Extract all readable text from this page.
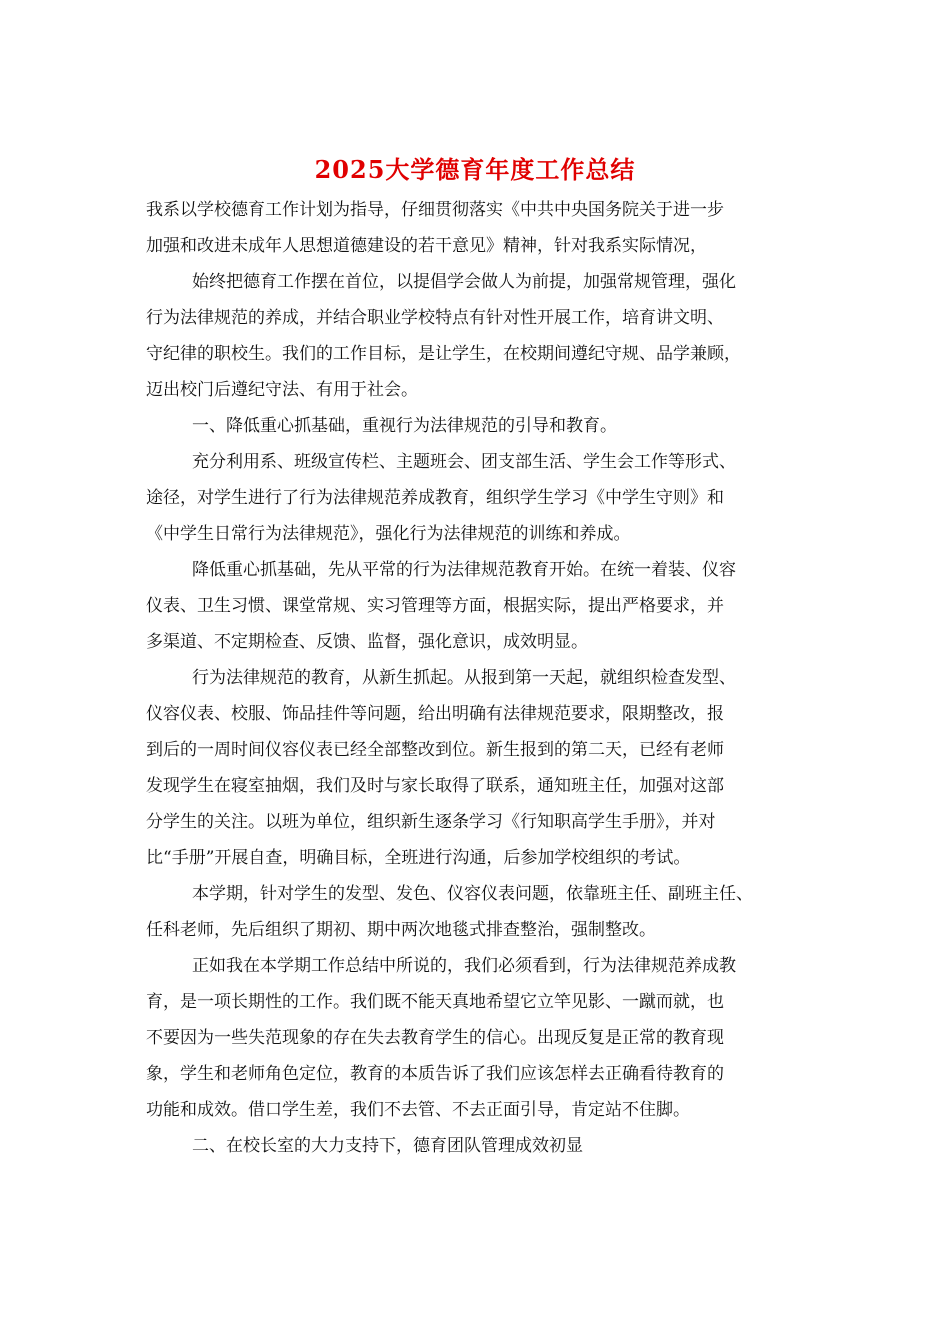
2025大学德育年度工作总结
我系以学校德育工作计划为指导，仔细贯彻落实《中共中央国务院关于进一步
加强和改进未成年人思想道德建设的若干意见》精神，针对我系实际情况，
始终把德育工作摆在首位，以提倡学会做人为前提，加强常规管理，强化
行为法律规范的养成，并结合职业学校特点有针对性开展工作，培育讲文明、
守纪律的职校生。我们的工作目标，是让学生，在校期间遵纪守规、品学兼顾，
迈出校门后遵纪守法、有用于社会。
一、降低重心抓基础，重视行为法律规范的引导和教育。
充分利用系、班级宣传栏、主题班会、团支部生活、学生会工作等形式、
途径，对学生进行了行为法律规范养成教育，组织学生学习《中学生守则》和
《中学生日常行为法律规范》，强化行为法律规范的训练和养成。
降低重心抓基础，先从平常的行为法律规范教育开始。在统一着装、仪容
仪表、卫生习惯、课堂常规、实习管理等方面，根据实际，提出严格要求，并
多渠道、不定期检查、反馈、监督，强化意识，成效明显。
行为法律规范的教育，从新生抓起。从报到第一天起，就组织检查发型、
仪容仪表、校服、饰品挂件等问题，给出明确有法律规范要求，限期整改，报
到后的一周时间仪容仪表已经全部整改到位。新生报到的第二天，已经有老师
发现学生在寝室抽烟，我们及时与家长取得了联系，通知班主任，加强对这部
分学生的关注。以班为单位，组织新生逐条学习《行知职高学生手册》，并对
比“手册”开展自查，明确目标，全班进行沟通，后参加学校组织的考试。
本学期，针对学生的发型、发色、仪容仪表问题，依靠班主任、副班主任、
任科老师，先后组织了期初、期中两次地毯式排查整治，强制整改。
正如我在本学期工作总结中所说的，我们必须看到，行为法律规范养成教
育，是一项长期性的工作。我们既不能天真地希望它立竿见影、一蹴而就，也
不要因为一些失范现象的存在失去教育学生的信心。出现反复是正常的教育现
象，学生和老师角色定位，教育的本质告诉了我们应该怎样去正确看待教育的
功能和成效。借口学生差，我们不去管、不去正面引导，肯定站不住脚。
二、在校长室的大力支持下，德育团队管理成效初显
